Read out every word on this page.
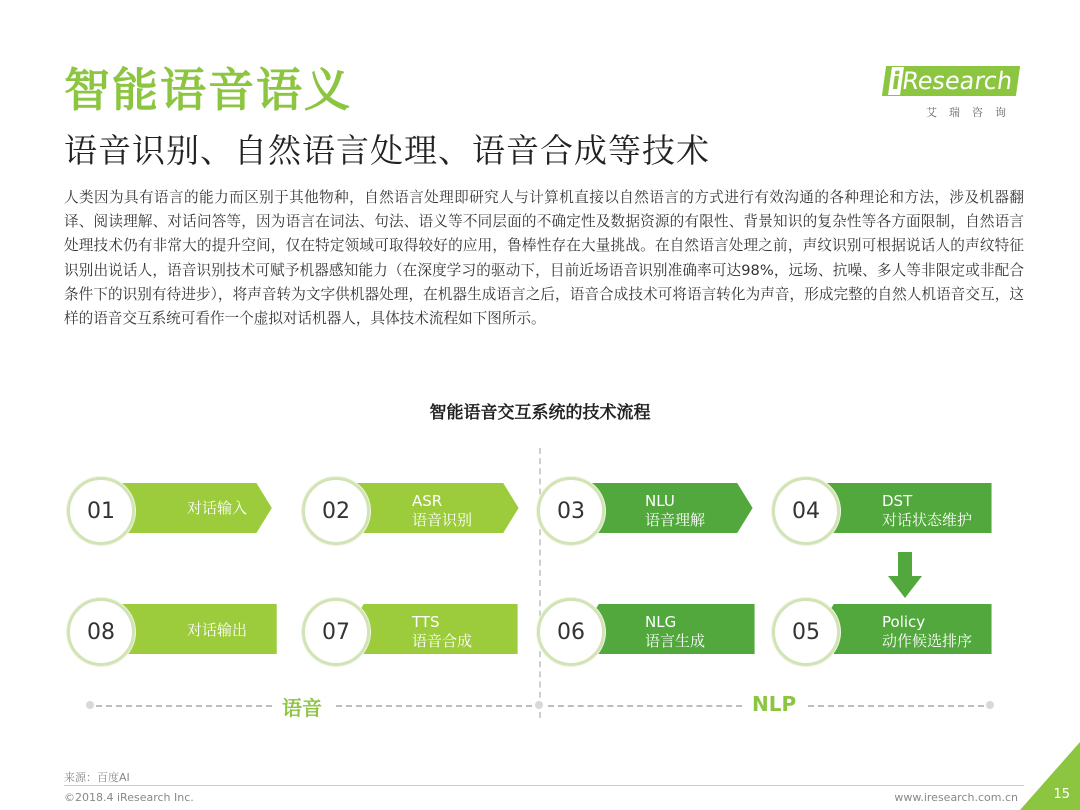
智能语音语义
语音识别、自然语言处理、语音合成等技术
iResearch
艾瑞咨询
人类因为具有语言的能力而区别于其他物种，自然语言处理即研究人与计算机直接以自然语言的方式进行有效沟通的各种理论和方法，涉及机器翻译、阅读理解、对话问答等，因为语言在词法、句法、语义等不同层面的不确定性及数据资源的有限性、背景知识的复杂性等各方面限制，自然语言处理技术仍有非常大的提升空间，仅在特定领域可取得较好的应用，鲁棒性存在大量挑战。在自然语言处理之前，声纹识别可根据说话人的声纹特征识别出说话人，语音识别技术可赋予机器感知能力（在深度学习的驱动下，目前近场语音识别准确率可达98%，远场、抗噪、多人等非限定或非配合条件下的识别有待进步），将声音转为文字供机器处理，在机器生成语言之后，语音合成技术可将语言转化为声音，形成完整的自然人机语音交互，这样的语音交互系统可看作一个虚拟对话机器人，具体技术流程如下图所示。
智能语音交互系统的技术流程
对话输入	ASR
语音识别
NLU
语音理解
DST
对话状态维护
Policy
动作候选排序
NLG
语言生成
TTS
语音合成
对话输出
01	02	03	04
05
06
07
08
语音	NLP
来源：百度AI
©2018.4 iResearch Inc.	www.iresearch.com.cn	15
